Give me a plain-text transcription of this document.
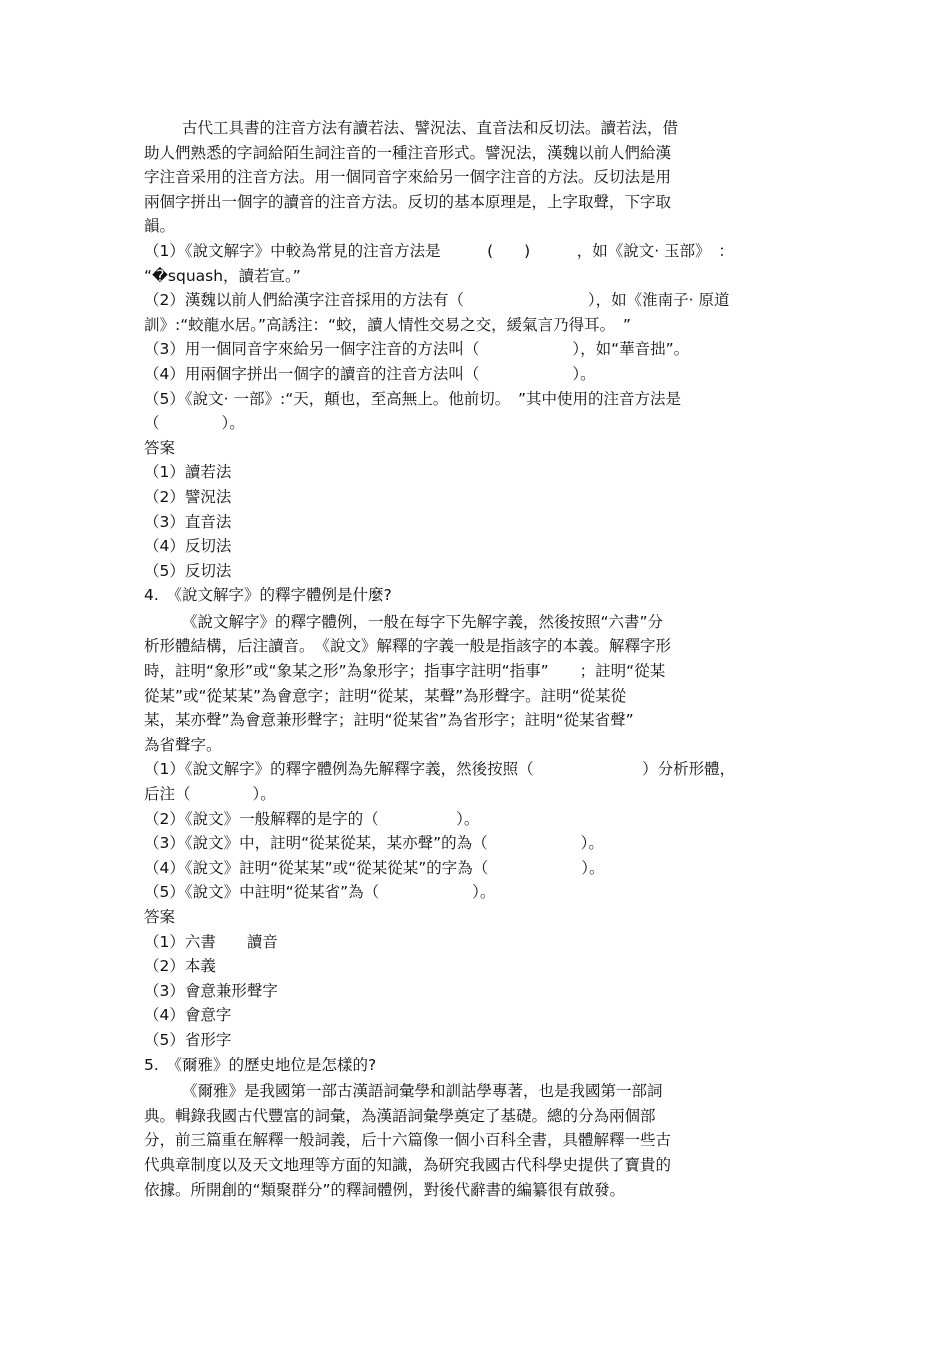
古代工具書的注音方法有讀若法、譬況法、直音法和反切法。讀若法，借
助人們熟悉的字詞給陌生詞注音的一種注音形式。譬況法，漢魏以前人們給漢
字注音采用的注音方法。用一個同音字來給另一個字注音的方法。反切法是用
兩個字拼出一個字的讀音的注音方法。反切的基本原理是，上字取聲，下字取
韻。
（1）《說文解字》中較為常見的注音方法是　　　(　　)　　　，如《說文· 玉部》　：
“�squash，讀若宣。”
（2）漢魏以前人們給漢字注音採用的方法有（　　　　　　　　），如《淮南子· 原道
訓》:“蛟龍水居。”高誘注：“蛟，讀人情性交易之交，緩氣言乃得耳。　”
（3）用一個同音字來給另一個字注音的方法叫（　　　　　　），如“華音拙”。
（4）用兩個字拼出一個字的讀音的注音方法叫（　　　　　　）。
（5）《說文· 一部》:“天，顛也，至高無上。他前切。　”其中使用的注音方法是
（　　　　）。
答案
（1）讀若法
（2）譬況法
（3）直音法
（4）反切法
（5）反切法
4.　《說文解字》的釋字體例是什麼?
《說文解字》的釋字體例，一般在每字下先解字義，然後按照“六書”分
析形體結構，后注讀音。　《說文》解釋的字義一般是指該字的本義。解釋字形
時，註明“象形”或“象某之形”為象形字；指事字註明“指事”　　；註明“從某
從某”或“從某某”為會意字；註明“從某，某聲”為形聲字。註明“從某從
某，某亦聲”為會意兼形聲字；註明“從某省”為省形字；註明“從某省聲”
為省聲字。
（1）《說文解字》的釋字體例為先解釋字義，然後按照（　　　　　　　）分析形體，
后注（　　　　）。
（2）《說文》一般解釋的是字的（　　　　　）。
（3）《說文》中，註明“從某從某，某亦聲”的為（　　　　　　）。
（4）《說文》註明“從某某”或“從某從某”的字為（　　　　　　）。
（5）《說文》中註明“從某省”為（　　　　　　）。
答案
（1）六書　　讀音
（2）本義
（3）會意兼形聲字
（4）會意字
（5）省形字
5.　《爾雅》的歷史地位是怎樣的?
《爾雅》是我國第一部古漢語詞彙學和訓詁學專著，也是我國第一部詞
典。輯錄我國古代豐富的詞彙，為漢語詞彙學奠定了基礎。總的分為兩個部
分，前三篇重在解釋一般詞義，后十六篇像一個小百科全書，具體解釋一些古
代典章制度以及天文地理等方面的知識，為研究我國古代科學史提供了寶貴的
依據。所開創的“類聚群分”的釋詞體例，對後代辭書的編纂很有啟發。
